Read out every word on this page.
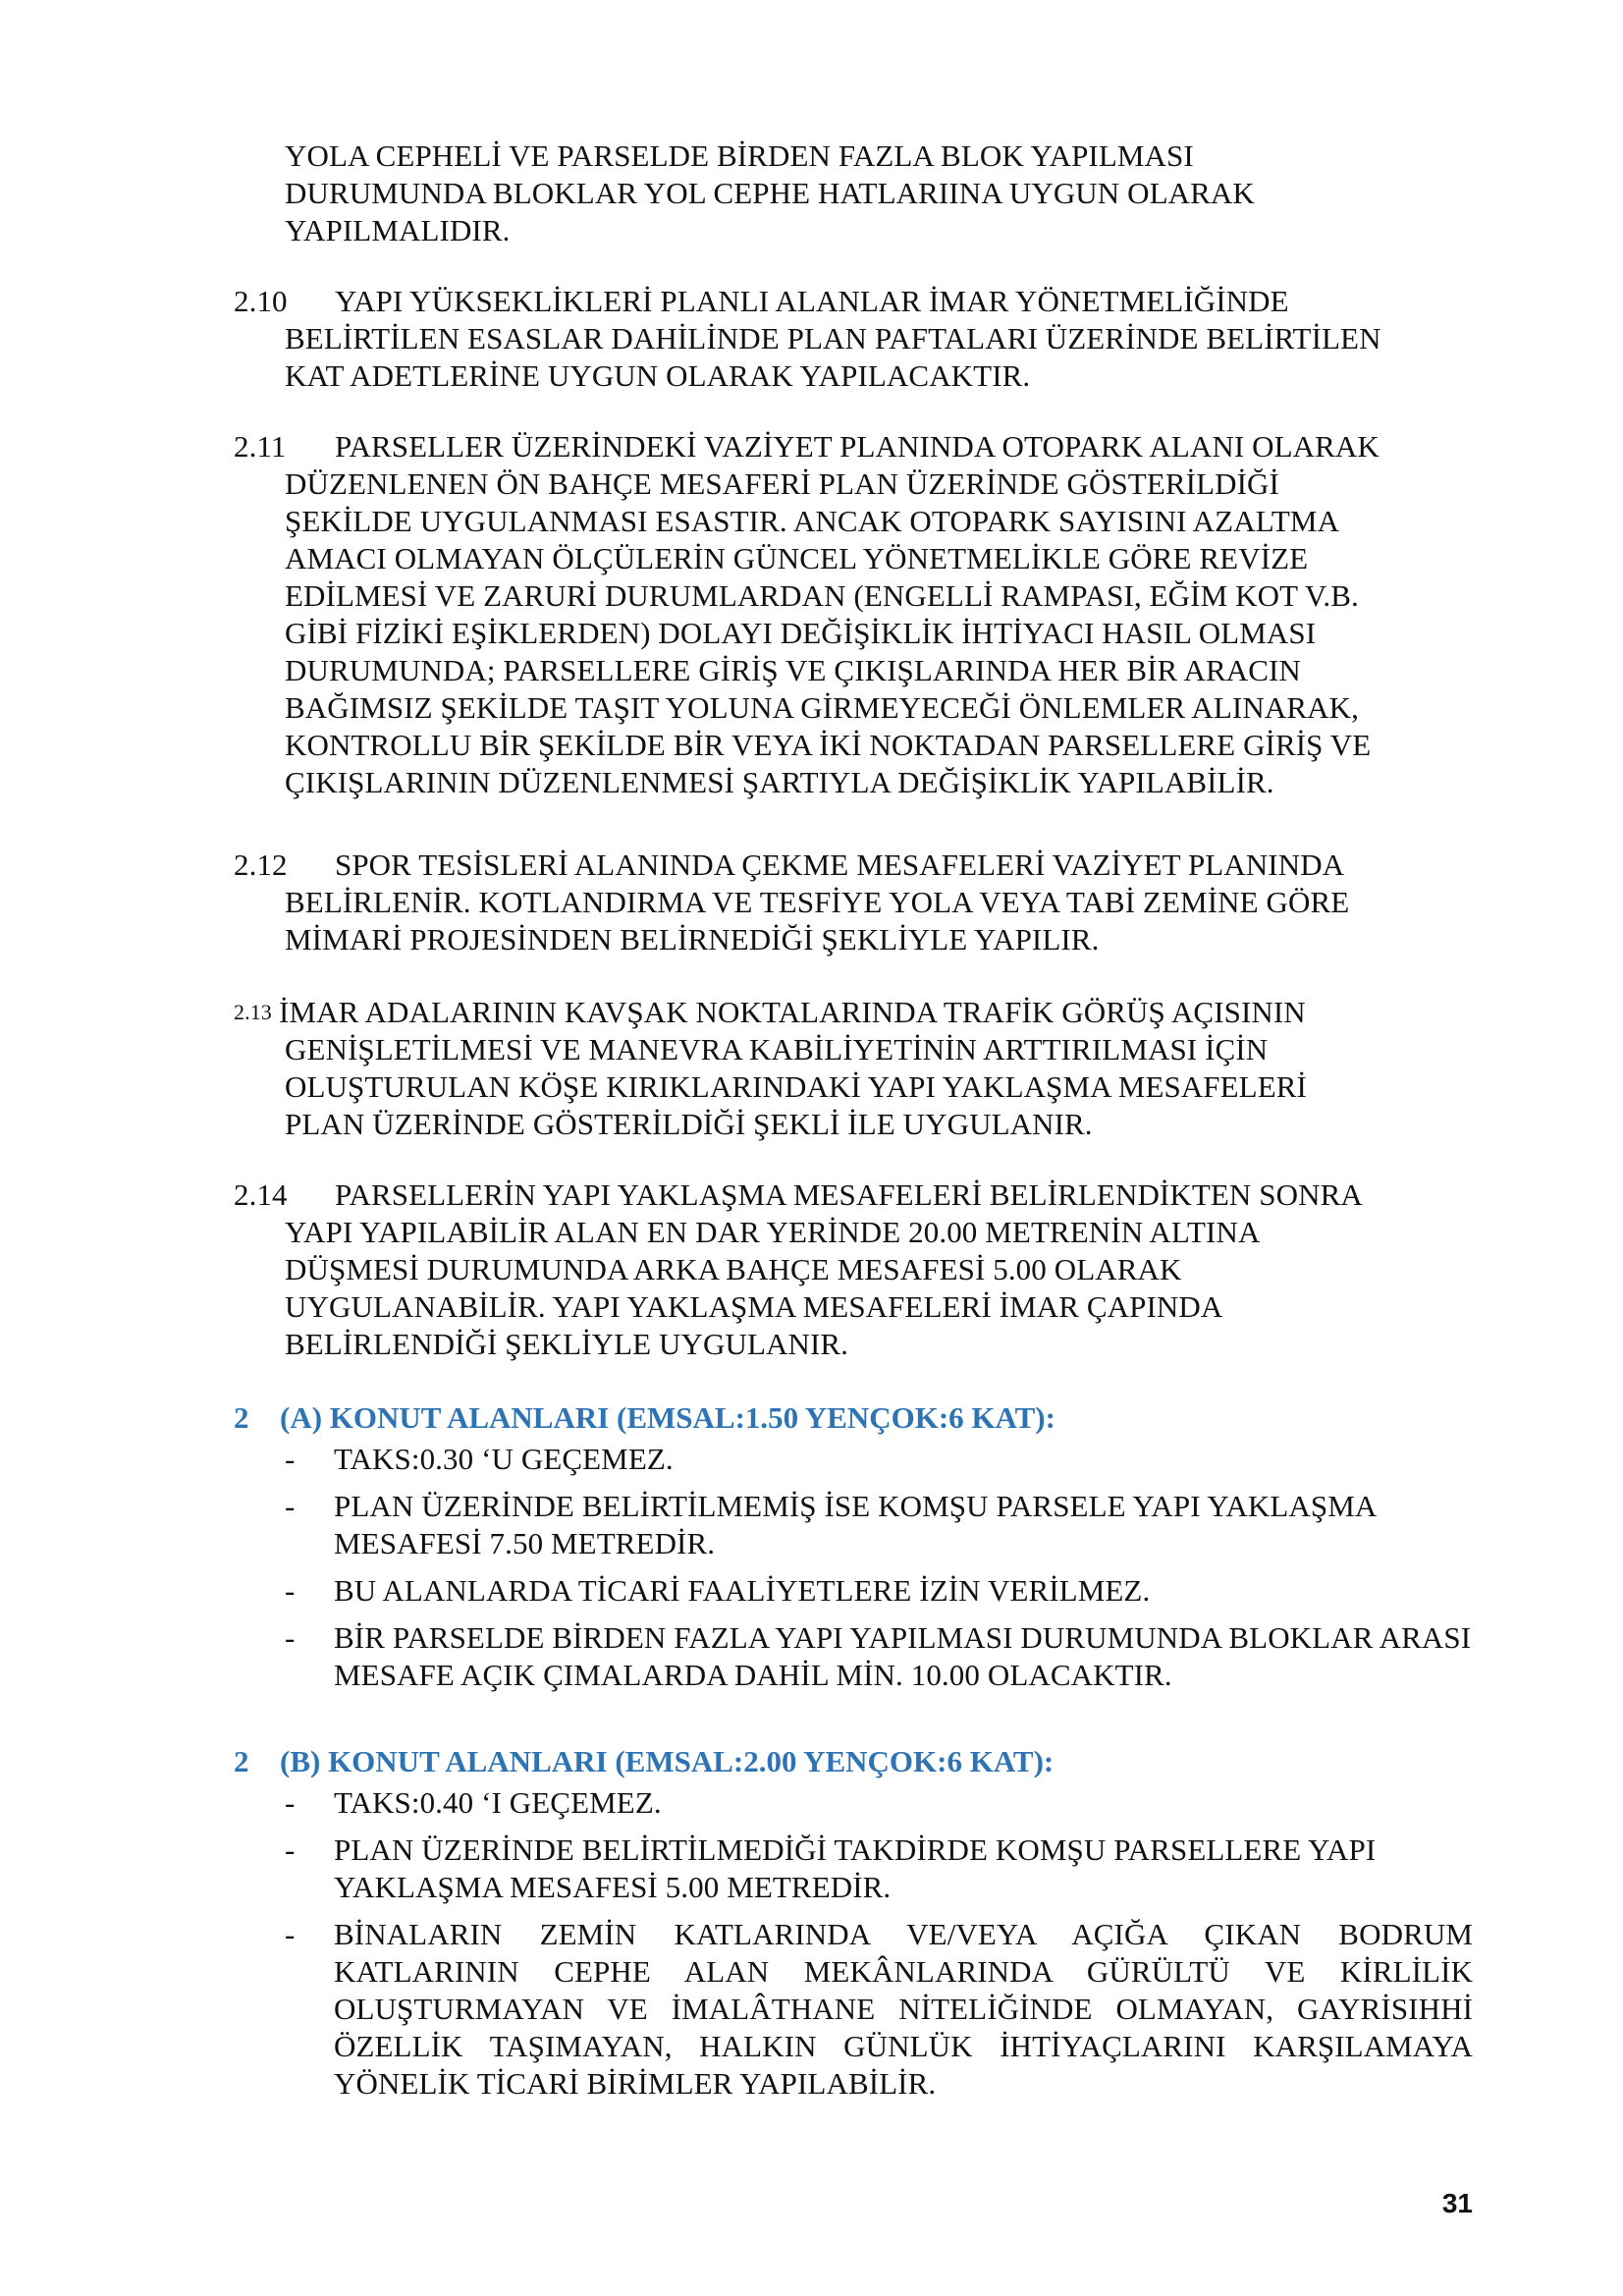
YOLA CEPHELİ VE PARSELDE BİRDEN FAZLA BLOK YAPILMASI
DURUMUNDA BLOKLAR YOL CEPHE HATLARIINA UYGUN OLARAK
YAPILMALIDIR.
2.10	YAPI YÜKSEKLİKLERİ PLANLI ALANLAR İMAR YÖNETMELİĞİNDE
BELİRTİLEN ESASLAR DAHİLİNDE PLAN PAFTALARI ÜZERİNDE BELİRTİLEN
KAT ADETLERİNE UYGUN OLARAK YAPILACAKTIR.
2.11	PARSELLER ÜZERİNDEKİ VAZİYET PLANINDA OTOPARK ALANI OLARAK
DÜZENLENEN ÖN BAHÇE MESAFERİ PLAN ÜZERİNDE GÖSTERİLDİĞİ
ŞEKİLDE UYGULANMASI ESASTIR. ANCAK OTOPARK SAYISINI AZALTMA
AMACI OLMAYAN ÖLÇÜLERİN GÜNCEL YÖNETMELİKLE GÖRE REVİZE
EDİLMESİ VE ZARURİ DURUMLARDAN (ENGELLİ RAMPASI, EĞİM KOT V.B.
GİBİ FİZİKİ EŞİKLERDEN) DOLAYI DEĞİŞİKLİK İHTİYACI HASIL OLMASI
DURUMUNDA; PARSELLERE GİRİŞ VE ÇIKIŞLARINDA HER BİR ARACIN
BAĞIMSIZ ŞEKİLDE TAŞIT YOLUNA GİRMEYECEĞİ ÖNLEMLER ALINARAK,
KONTROLLU BİR ŞEKİLDE BİR VEYA İKİ NOKTADAN PARSELLERE GİRİŞ VE
ÇIKIŞLARININ DÜZENLENMESİ ŞARTIYLA DEĞİŞİKLİK YAPILABİLİR.
2.12	SPOR TESİSLERİ ALANINDA ÇEKME MESAFELERİ VAZİYET PLANINDA
BELİRLENİR. KOTLANDIRMA VE TESFİYE YOLA VEYA TABİ ZEMİNE GÖRE
MİMARİ PROJESİNDEN BELİRNEDİĞİ ŞEKLİYLE YAPILIR.
2.13 İMAR ADALARININ KAVŞAK NOKTALARINDA TRAFİK GÖRÜŞ AÇISININ
GENİŞLETİLMESİ VE MANEVRA KABİLİYETİNİN ARTTIRILMASI İÇİN
OLUŞTURULAN KÖŞE KIRIKLARINDAKİ YAPI YAKLAŞMA MESAFELERİ
PLAN ÜZERİNDE GÖSTERİLDİĞİ ŞEKLİ İLE UYGULANIR.
2.14	PARSELLERİN YAPI YAKLAŞMA MESAFELERİ BELİRLENDİKTEN SONRA
YAPI YAPILABİLİR ALAN EN DAR YERİNDE 20.00 METRENİN ALTINA
DÜŞMESİ DURUMUNDA ARKA BAHÇE MESAFESİ 5.00 OLARAK
UYGULANABİLİR. YAPI YAKLAŞMA MESAFELERİ İMAR ÇAPINDA
BELİRLENDİĞİ ŞEKLİYLE UYGULANIR.
2	(A) KONUT ALANLARI (EMSAL:1.50 YENÇOK:6 KAT):
- TAKS:0.30 ‘U GEÇEMEZ.
- PLAN ÜZERİNDE BELİRTİLMEMİŞ İSE KOMŞU PARSELE YAPI YAKLAŞMA MESAFESİ 7.50 METREDİR.
- BU ALANLARDA TİCARİ FAALİYETLERE İZİN VERİLMEZ.
- BİR PARSELDE BİRDEN FAZLA YAPI YAPILMASI DURUMUNDA BLOKLAR ARASI MESAFE AÇIK ÇIMALARDA DAHİL MİN. 10.00 OLACAKTIR.
2	(B) KONUT ALANLARI (EMSAL:2.00 YENÇOK:6 KAT):
- TAKS:0.40 ‘I GEÇEMEZ.
- PLAN ÜZERİNDE BELİRTİLMEDİĞİ TAKDİRDE KOMŞU PARSELLERE YAPI YAKLAŞMA MESAFESİ 5.00 METREDİR.
- BİNALARIN ZEMİN KATLARINDA VE/VEYA AÇIĞA ÇIKAN BODRUM KATLARININ CEPHE ALAN MEKÂNLARINDA GÜRÜLTÜ VE KİRLİLİK OLUŞTURMAYAN VE İMALÂTHANE NİTELİĞİNDE OLMAYAN, GAYRİSIHHİ ÖZELLİK TAŞIMAYAN, HALKIN GÜNLÜK İHTİYAÇLARINI KARŞILAMAYA YÖNELİK TİCARİ BİRİMLER YAPILABİLİR.
31
